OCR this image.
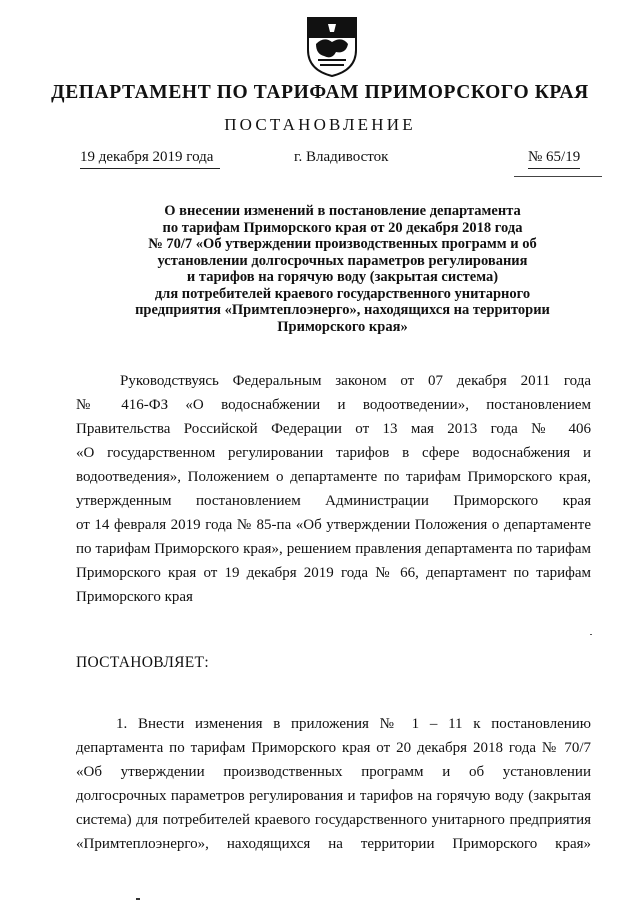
ДЕПАРТАМЕНТ ПО ТАРИФАМ ПРИМОРСКОГО КРАЯ
ПОСТАНОВЛЕНИЕ
19 декабря 2019 года	г. Владивосток	№ 65/19
О внесении изменений в постановление департамента
по тарифам Приморского края от 20 декабря 2018 года
№ 70/7 «Об утверждении производственных программ и об
установлении долгосрочных параметров регулирования
и тарифов на горячую воду (закрытая система)
для потребителей краевого государственного унитарного
предприятия «Примтеплоэнерго», находящихся на территории
Приморского края»
Руководствуясь Федеральным законом от 07 декабря 2011 года
№ 416-ФЗ «О водоснабжении и водоотведении», постановлением
Правительства Российской Федерации от 13 мая 2013 года № 406
«О государственном регулировании тарифов в сфере водоснабжения и
водоотведения», Положением о департаменте по тарифам Приморского края,
утвержденным постановлением Администрации Приморского края
от 14 февраля 2019 года № 85-па «Об утверждении Положения о департаменте
по тарифам Приморского края», решением правления департамента по тарифам
Приморского края от 19 декабря 2019 года № 66, департамент по тарифам
Приморского края
ПОСТАНОВЛЯЕТ:
1. Внести изменения в приложения № 1 – 11 к постановлению
департамента по тарифам Приморского края от 20 декабря 2018 года № 70/7
«Об утверждении производственных программ и об установлении
долгосрочных параметров регулирования и тарифов на горячую воду (закрытая
система) для потребителей краевого государственного унитарного предприятия
«Примтеплоэнерго», находящихся на территории Приморского края»
